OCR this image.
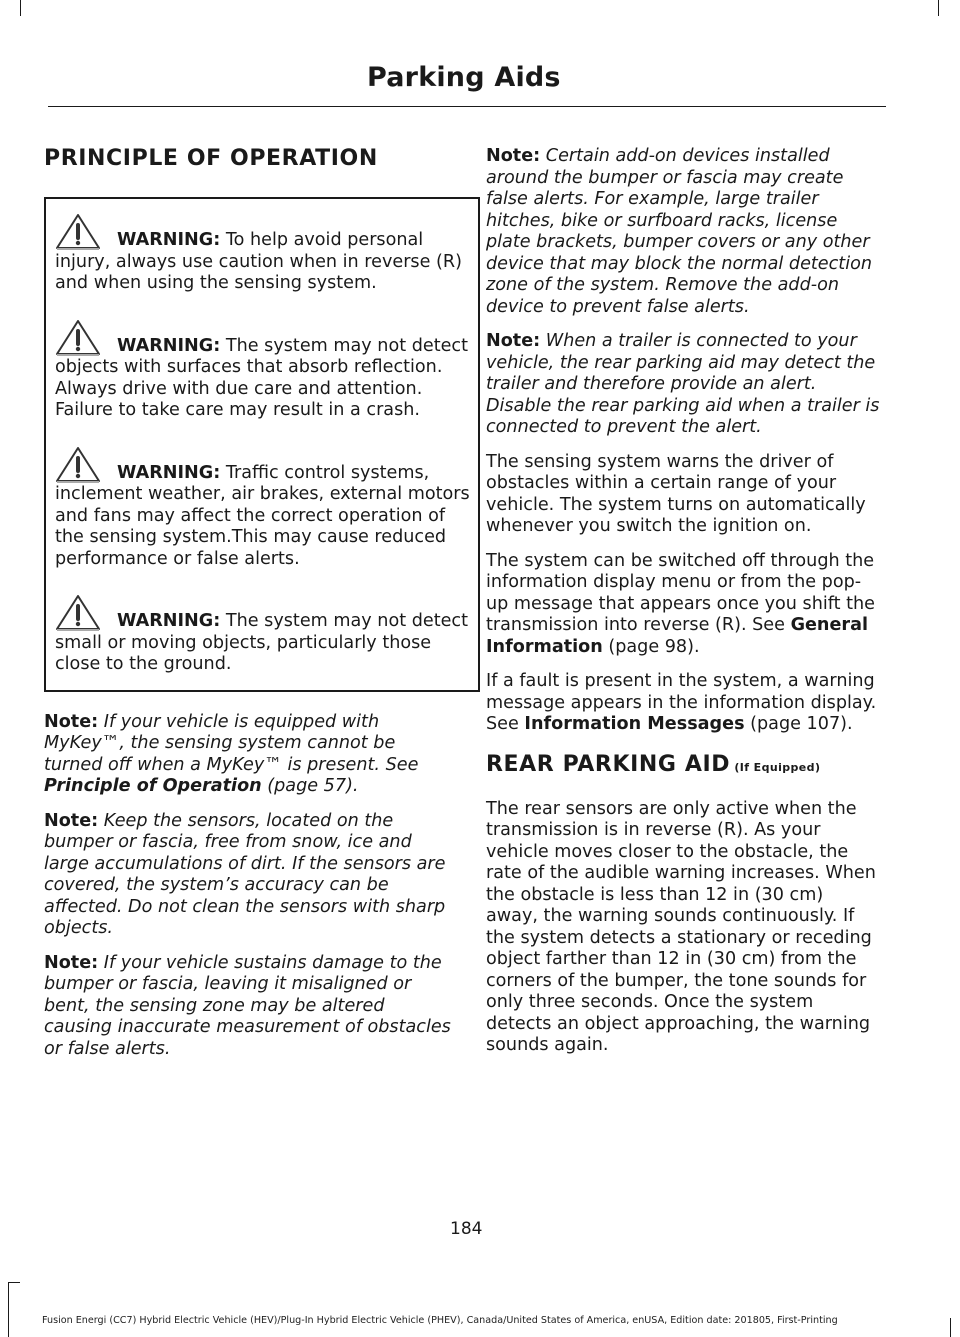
Parking Aids
PRINCIPLE OF OPERATION
WARNING: To help avoid personal injury, always use caution when in reverse (R) and when using the sensing system.
WARNING: The system may not detect objects with surfaces that absorb reflection. Always drive with due care and attention. Failure to take care may result in a crash.
WARNING: Traffic control systems, inclement weather, air brakes, external motors and fans may affect the correct operation of the sensing system.This may cause reduced performance or false alerts.
WARNING: The system may not detect small or moving objects, particularly those close to the ground.

Note: If your vehicle is equipped with MyKey™, the sensing system cannot be turned off when a MyKey™ is present. See Principle of Operation (page 57).

Note: Keep the sensors, located on the bumper or fascia, free from snow, ice and large accumulations of dirt. If the sensors are covered, the system’s accuracy can be affected. Do not clean the sensors with sharp objects.

Note: If your vehicle sustains damage to the bumper or fascia, leaving it misaligned or bent, the sensing zone may be altered causing inaccurate measurement of obstacles or false alerts.

Note: Certain add-on devices installed around the bumper or fascia may create false alerts. For example, large trailer hitches, bike or surfboard racks, license plate brackets, bumper covers or any other device that may block the normal detection zone of the system. Remove the add-on device to prevent false alerts.

Note: When a trailer is connected to your vehicle, the rear parking aid may detect the trailer and therefore provide an alert. Disable the rear parking aid when a trailer is connected to prevent the alert.

The sensing system warns the driver of obstacles within a certain range of your vehicle. The system turns on automatically whenever you switch the ignition on.

The system can be switched off through the information display menu or from the pop-up message that appears once you shift the transmission into reverse (R). See General Information (page 98).

If a fault is present in the system, a warning message appears in the information display. See Information Messages (page 107).

REAR PARKING AID (If Equipped)

The rear sensors are only active when the transmission is in reverse (R). As your vehicle moves closer to the obstacle, the rate of the audible warning increases. When the obstacle is less than 12 in (30 cm) away, the warning sounds continuously. If the system detects a stationary or receding object farther than 12 in (30 cm) from the corners of the bumper, the tone sounds for only three seconds. Once the system detects an object approaching, the warning sounds again.

184
Fusion Energi (CC7) Hybrid Electric Vehicle (HEV)/Plug-In Hybrid Electric Vehicle (PHEV), Canada/United States of America, enUSA, Edition date: 201805, First-Printing
